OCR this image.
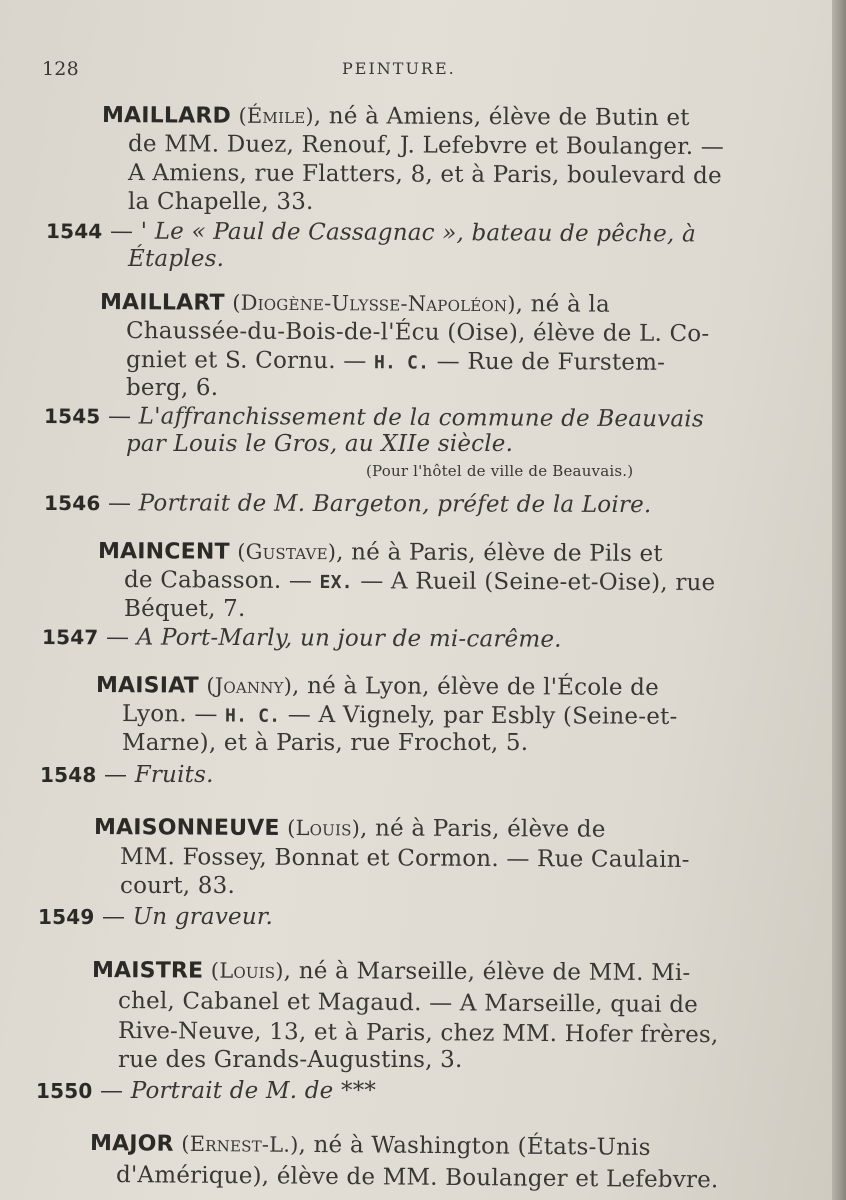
128	PEINTURE.
MAILLARD (Émile), né à Amiens, élève de Butin et
de MM. Duez, Renouf, J. Lefebvre et Boulanger. —
A Amiens, rue Flatters, 8, et à Paris, boulevard de
la Chapelle, 33.
1544 — ' Le « Paul de Cassagnac », bateau de pêche, à
Étaples.
MAILLART (Diogène-Ulysse-Napoléon), né à la
Chaussée-du-Bois-de-l'Écu (Oise), élève de L. Co-
gniet et S. Cornu. — H. C. — Rue de Furstem-
berg, 6.
1545 — L'affranchissement de la commune de Beauvais
par Louis le Gros, au XIIe siècle.
(Pour l'hôtel de ville de Beauvais.)
1546 — Portrait de M. Bargeton, préfet de la Loire.
MAINCENT (Gustave), né à Paris, élève de Pils et
de Cabasson. — EX. — A Rueil (Seine-et-Oise), rue
Béquet, 7.
1547 — A Port-Marly, un jour de mi-carême.
MAISIAT (Joanny), né à Lyon, élève de l'École de
Lyon. — H. C. — A Vignely, par Esbly (Seine-et-
Marne), et à Paris, rue Frochot, 5.
1548 — Fruits.
MAISONNEUVE (Louis), né à Paris, élève de
MM. Fossey, Bonnat et Cormon. — Rue Caulain-
court, 83.
1549 — Un graveur.
MAISTRE (Louis), né à Marseille, élève de MM. Mi-
chel, Cabanel et Magaud. — A Marseille, quai de
Rive-Neuve, 13, et à Paris, chez MM. Hofer frères,
rue des Grands-Augustins, 3.
1550 — Portrait de M. de ***
MAJOR (Ernest-L.), né à Washington (États-Unis
d'Amérique), élève de MM. Boulanger et Lefebvre.
